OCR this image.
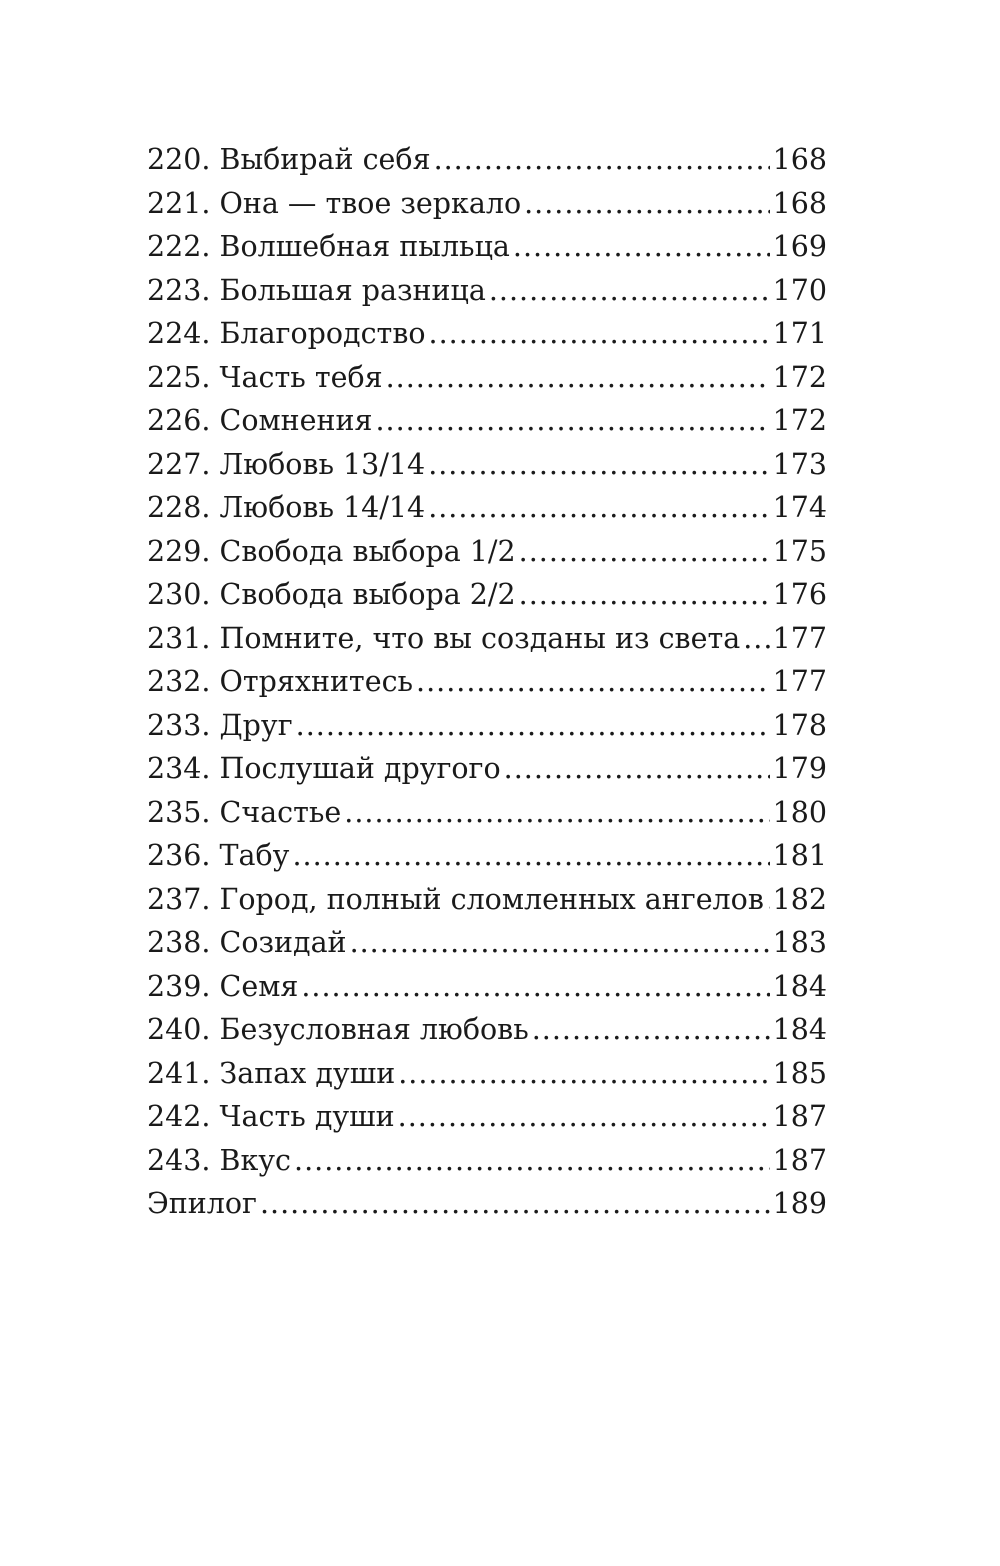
220. Выбирай себя .....	168
221. Она — твое зеркало .....	168
222. Волшебная пыльца .....	169
223. Большая разница .....	170
224. Благородство .....	171
225. Часть тебя .....	172
226. Сомнения .....	172
227. Любовь 13/14 .....	173
228. Любовь 14/14 .....	174
229. Свобода выбора 1/2 .....	175
230. Свобода выбора 2/2 .....	176
231. Помните, что вы созданы из света ..... 177
232. Отряхнитесь .....	177
233. Друг .....	178
234. Послушай другого .....	179
235. Счастье .....	180
236. Табу .....	181
237. Город, полный сломленных ангелов ..... 182
238. Созидай .....	183
239. Семя .....	184
240. Безусловная любовь .....	184
241. Запах души .....	185
242. Часть души .....	187
243. Вкус .....	187
Эпилог .....	189
